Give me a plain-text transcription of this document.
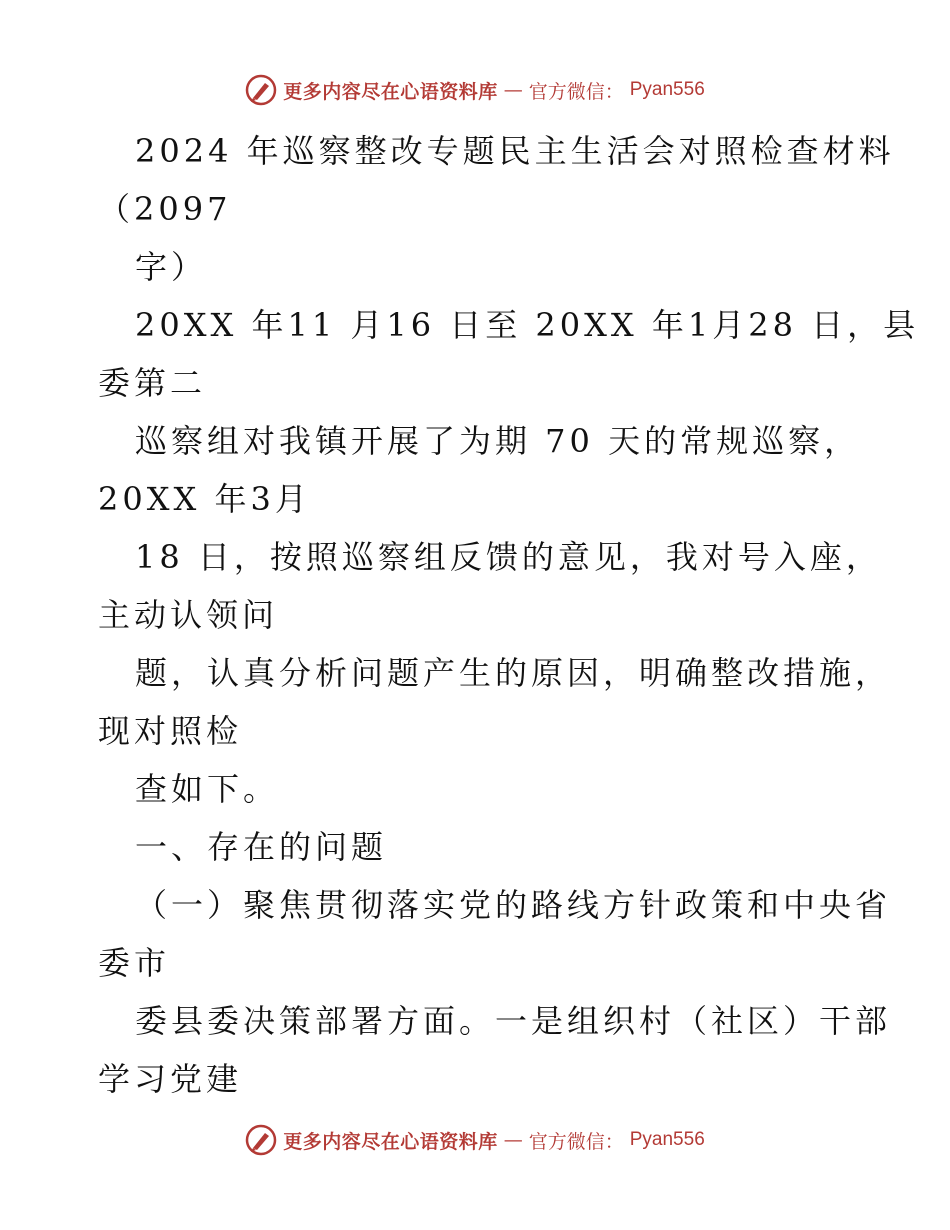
更多内容尽在心语资料库 — 官方微信： Pyan556
2024 年巡察整改专题民主生活会对照检查材料
（2097
字）
20XX 年11 月16 日至 20XX 年1月28 日，县
委第二
巡察组对我镇开展了为期 70 天的常规巡察，
20XX 年3月
18 日，按照巡察组反馈的意见，我对号入座，
主动认领问
题，认真分析问题产生的原因，明确整改措施，
现对照检
查如下。
一、存在的问题
（一）聚焦贯彻落实党的路线方针政策和中央省
委市
委县委决策部署方面。一是组织村（社区）干部
学习党建
更多内容尽在心语资料库 — 官方微信： Pyan556
